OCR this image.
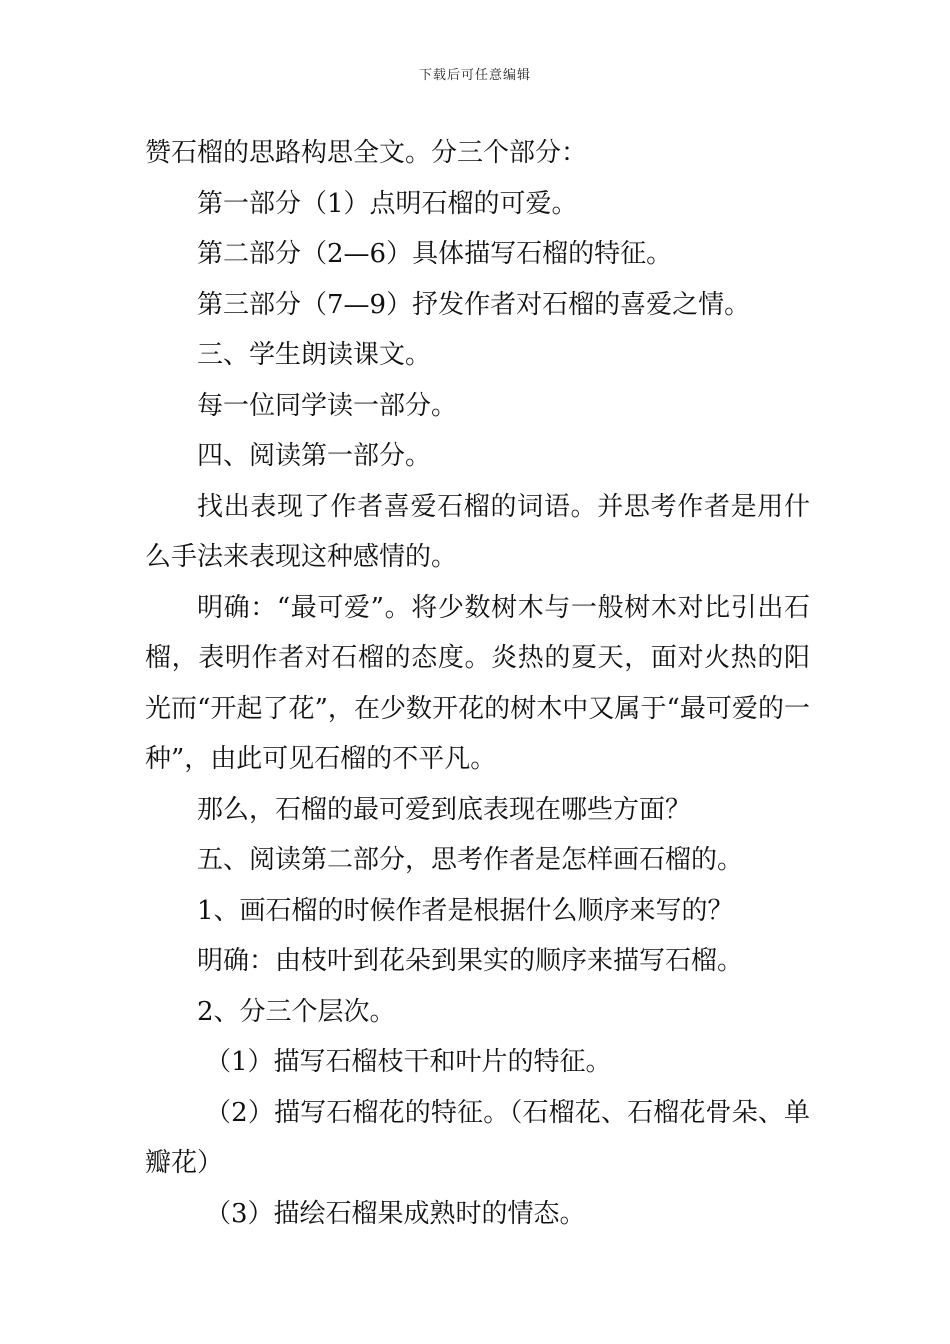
下载后可任意编辑

赞石榴的思路构思全文。分三个部分：

第一部分（1）点明石榴的可爱。

第二部分（2—6）具体描写石榴的特征。

第三部分（7—9）抒发作者对石榴的喜爱之情。

三、学生朗读课文。

每一位同学读一部分。

四、阅读第一部分。

找出表现了作者喜爱石榴的词语。并思考作者是用什么手法来表现这种感情的。

明确：“最可爱”。将少数树木与一般树木对比引出石榴，表明作者对石榴的态度。炎热的夏天，面对火热的阳光而“开起了花”，在少数开花的树木中又属于“最可爱的一种”，由此可见石榴的不平凡。

那么，石榴的最可爱到底表现在哪些方面？

五、阅读第二部分，思考作者是怎样画石榴的。

1、画石榴的时候作者是根据什么顺序来写的？

明确：由枝叶到花朵到果实的顺序来描写石榴。

2、分三个层次。

（1）描写石榴枝干和叶片的特征。

（2）描写石榴花的特征。（石榴花、石榴花骨朵、单瓣花）

（3）描绘石榴果成熟时的情态。
